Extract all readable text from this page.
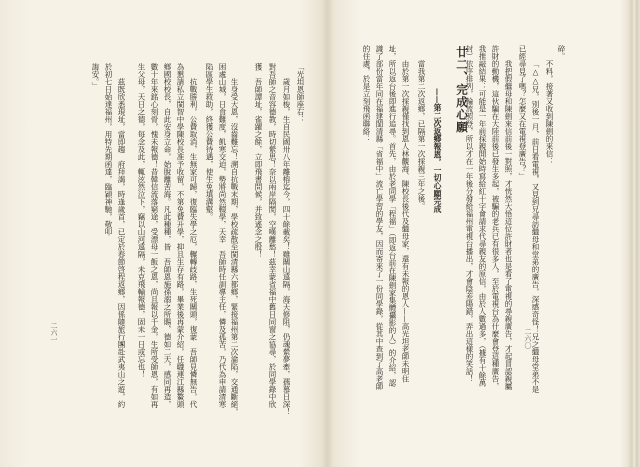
二六一
「光坦恩師座右：
歲月如梭，生自民國卅八年離榕迄今，四十餘載矣！雖關山遠隔，海天修阻，仍魂縈夢牽，孺慕日深！
對吾師之音容德教，時切縈思！奈以兩岸隔閡，空嘆離愁！茲幸蒙省福中舊日同窗之協尋，於同學錄中欣
獲　吾師譚址，雀躍之餘，立即飛書問候，并致遙念之殷！
生身受大恩，沒齒難忘！溯自抗戰末期，學校疏散至閩清縣六都鄉，緊接福州第二次淪陷，交通斷絕，
困處山城，日食難度，飢寒交迫，勢將尚然輟學，天幸　吾師時任訓導主任，憐及孤苦，乃代為申請清寒
陷區學生救助，終獲公費待遇，使生免填溝壑。
抗戰勝利，公費取消，生無家可歸，復臨失學之厄，輾轉歧路，生死關頭，復蒙　吾師見憐無告，代
為懇請私立閩智中學陳校長准予收留，不第免費升學，抑且生存有路，畢業後再蒙介紹，任職連江縣鰲頭
鄉國校校長，自此安身立命，始脫離苦海。凡此種種，皆　吾師恩施孫溺之所賜，德如二天，感同再造，
數十年來銘心刻骨，愧未報德！昔韓信流落窮途，受漂母一飯之恩，尚且報以千金，生所受師恩，有如再
生父母，天日之德，每念及此，輒泫然泣下，竊以山河遠隔，未克飛輸報德，固未一日或忘也！
茲既欣悉現址，當即趨　府拜謁，時逢歲首，已定於春節啓程返鄉，因係隨旅行團赴武夷山之遊，約
於初七日始達福州，用特先期函達，臨穎神馳，敬叩
誨安。」
二六〇
廿二、完成心願
——第二次返鄉報恩，一切心願完成
碎。
不料，接著又收到陳劍的來信：
「△△兄，別後一月，前日看電視，又見到兄尋訪繼母和堂弟的廣告，深感奇怪！兄之繼母堂弟不是
已經尋見了嗎？怎麼又在電視登廣告？」
我把假繼母和陳劍來信前後一對照，才恍然大悟這位許財者也是看了電視的尋親廣告，才起冒認親屬
許財的動機，這伙騙在大陸前後已發生多起，被騙的老兵已有很多人，至於電視台為什麼會登這種廣告，
我推敲結果：可能是一年前採親開始時寫給紅十字會請求代尋親友的原信，由於人數過多，（據有十餘萬
封）依序排列，輪流照登，所以才在一年後分發給福州電視台播出，才會陰差陽錯，弄出這樣的笑話！
當我第二次返鄉，已隔第一次採親三年之後。
由於第一次採親僅找到恩人林觀海、陳校長後代及繼母家，還有未報的恩人——高光坦老師未明住
址，所以返台後即進行追尋。首先，由於老同學「程福」（即返台前在陳劍家集體攝影的人）的介紹，認
識了部份當年同在福建閩清縣「省福中」流亡學習的學友，因而寄來了一份同學錄，從其中查到了高老師
的住處，於是立刻飛函聯絡：
